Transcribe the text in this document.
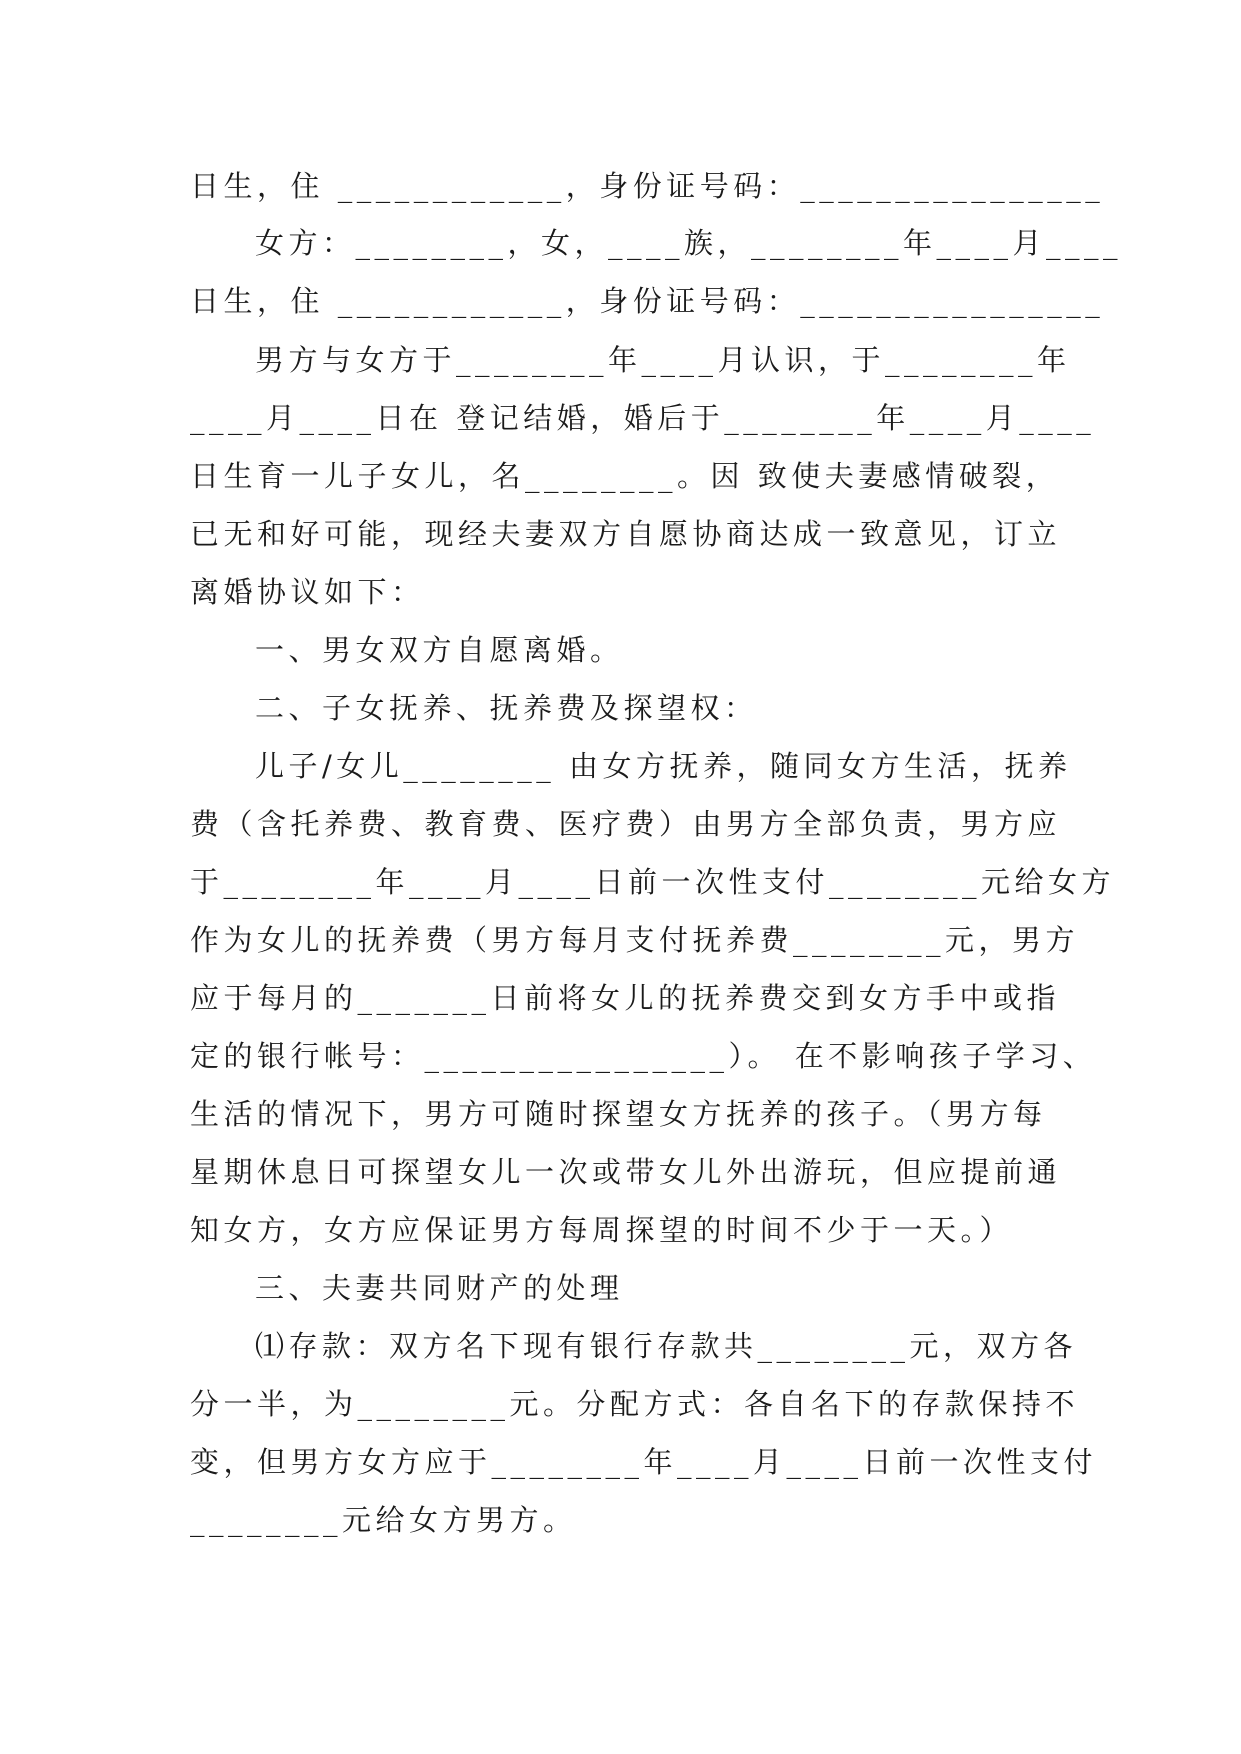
日生，住 ____________，身份证号码：________________
女方：________，女，____族，________年____月____
日生，住 ____________，身份证号码：________________
男方与女方于________年____月认识，于________年
____月____日在 登记结婚，婚后于________年____月____
日生育一儿子女儿，名________。因 致使夫妻感情破裂，
已无和好可能，现经夫妻双方自愿协商达成一致意见，订立
离婚协议如下：
一、男女双方自愿离婚。
二、子女抚养、抚养费及探望权：
儿子/女儿________ 由女方抚养，随同女方生活，抚养
费（含托养费、教育费、医疗费）由男方全部负责，男方应
于________年____月____日前一次性支付________元给女方
作为女儿的抚养费（男方每月支付抚养费________元，男方
应于每月的_______日前将女儿的抚养费交到女方手中或指
定的银行帐号：________________）。 在不影响孩子学习、
生活的情况下，男方可随时探望女方抚养的孩子。（男方每
星期休息日可探望女儿一次或带女儿外出游玩，但应提前通
知女方，女方应保证男方每周探望的时间不少于一天。）
三、夫妻共同财产的处理
⑴存款：双方名下现有银行存款共________元，双方各
分一半，为________元。分配方式：各自名下的存款保持不
变，但男方女方应于________年____月____日前一次性支付
________元给女方男方。
